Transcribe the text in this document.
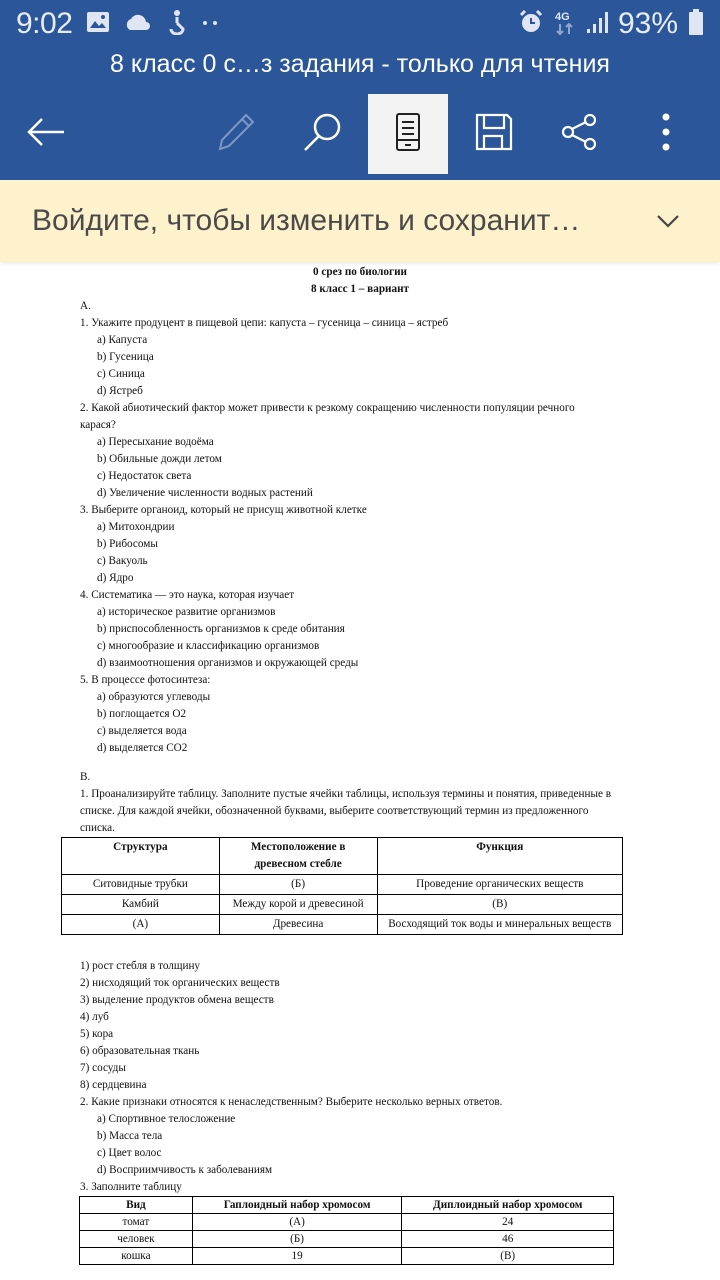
9:02	4G 93%
8 класс 0 с…з задания - только для чтения
Войдите, чтобы изменить и сохранит…
0 срез по биологии
8 класс 1 – вариант
А.
1. Укажите продуцент в пищевой цепи: капуста – гусеница – синица – ястреб
a) Капуста
b) Гусеница
c) Синица
d) Ястреб
2. Какой абиотический фактор может привести к резкому сокращению численности популяции речного
карася?
a) Пересыхание водоёма
b) Обильные дожди летом
c) Недостаток света
d) Увеличение численности водных растений
3. Выберите органоид, который не присущ животной клетке
a) Митохондрии
b) Рибосомы
c) Вакуоль
d) Ядро
4. Систематика — это наука, которая изучает
a) историческое развитие организмов
b) приспособленность организмов к среде обитания
c) многообразие и классификацию организмов
d) взаимоотношения организмов и окружающей среды
5. В процессе фотосинтеза:
a) образуются углеводы
b) поглощается O2
c) выделяется вода
d) выделяется CO2
В.
1. Проанализируйте таблицу. Заполните пустые ячейки таблицы, используя термины и понятия, приведенные в
списке. Для каждой ячейки, обозначенной буквами, выберите соответствующий термин из предложенного
списка.
Структура	Местоположение в древесном стебле	Функция
Ситовидные трубки	(Б)	Проведение органических веществ
Камбий	Между корой и древесиной	(В)
(А)	Древесина	Восходящий ток воды и минеральных веществ
1) рост стебля в толщину
2) нисходящий ток органических веществ
3) выделение продуктов обмена веществ
4) луб
5) кора
6) образовательная ткань
7) сосуды
8) сердцевина
2. Какие признаки относятся к ненаследственным? Выберите несколько верных ответов.
a) Спортивное телосложение
b) Масса тела
c) Цвет волос
d) Восприимчивость к заболеваниям
3. Заполните таблицу
Вид	Гаплоидный набор хромосом	Диплоидный набор хромосом
томат	(А)	24
человек	(Б)	46
кошка	19	(В)
